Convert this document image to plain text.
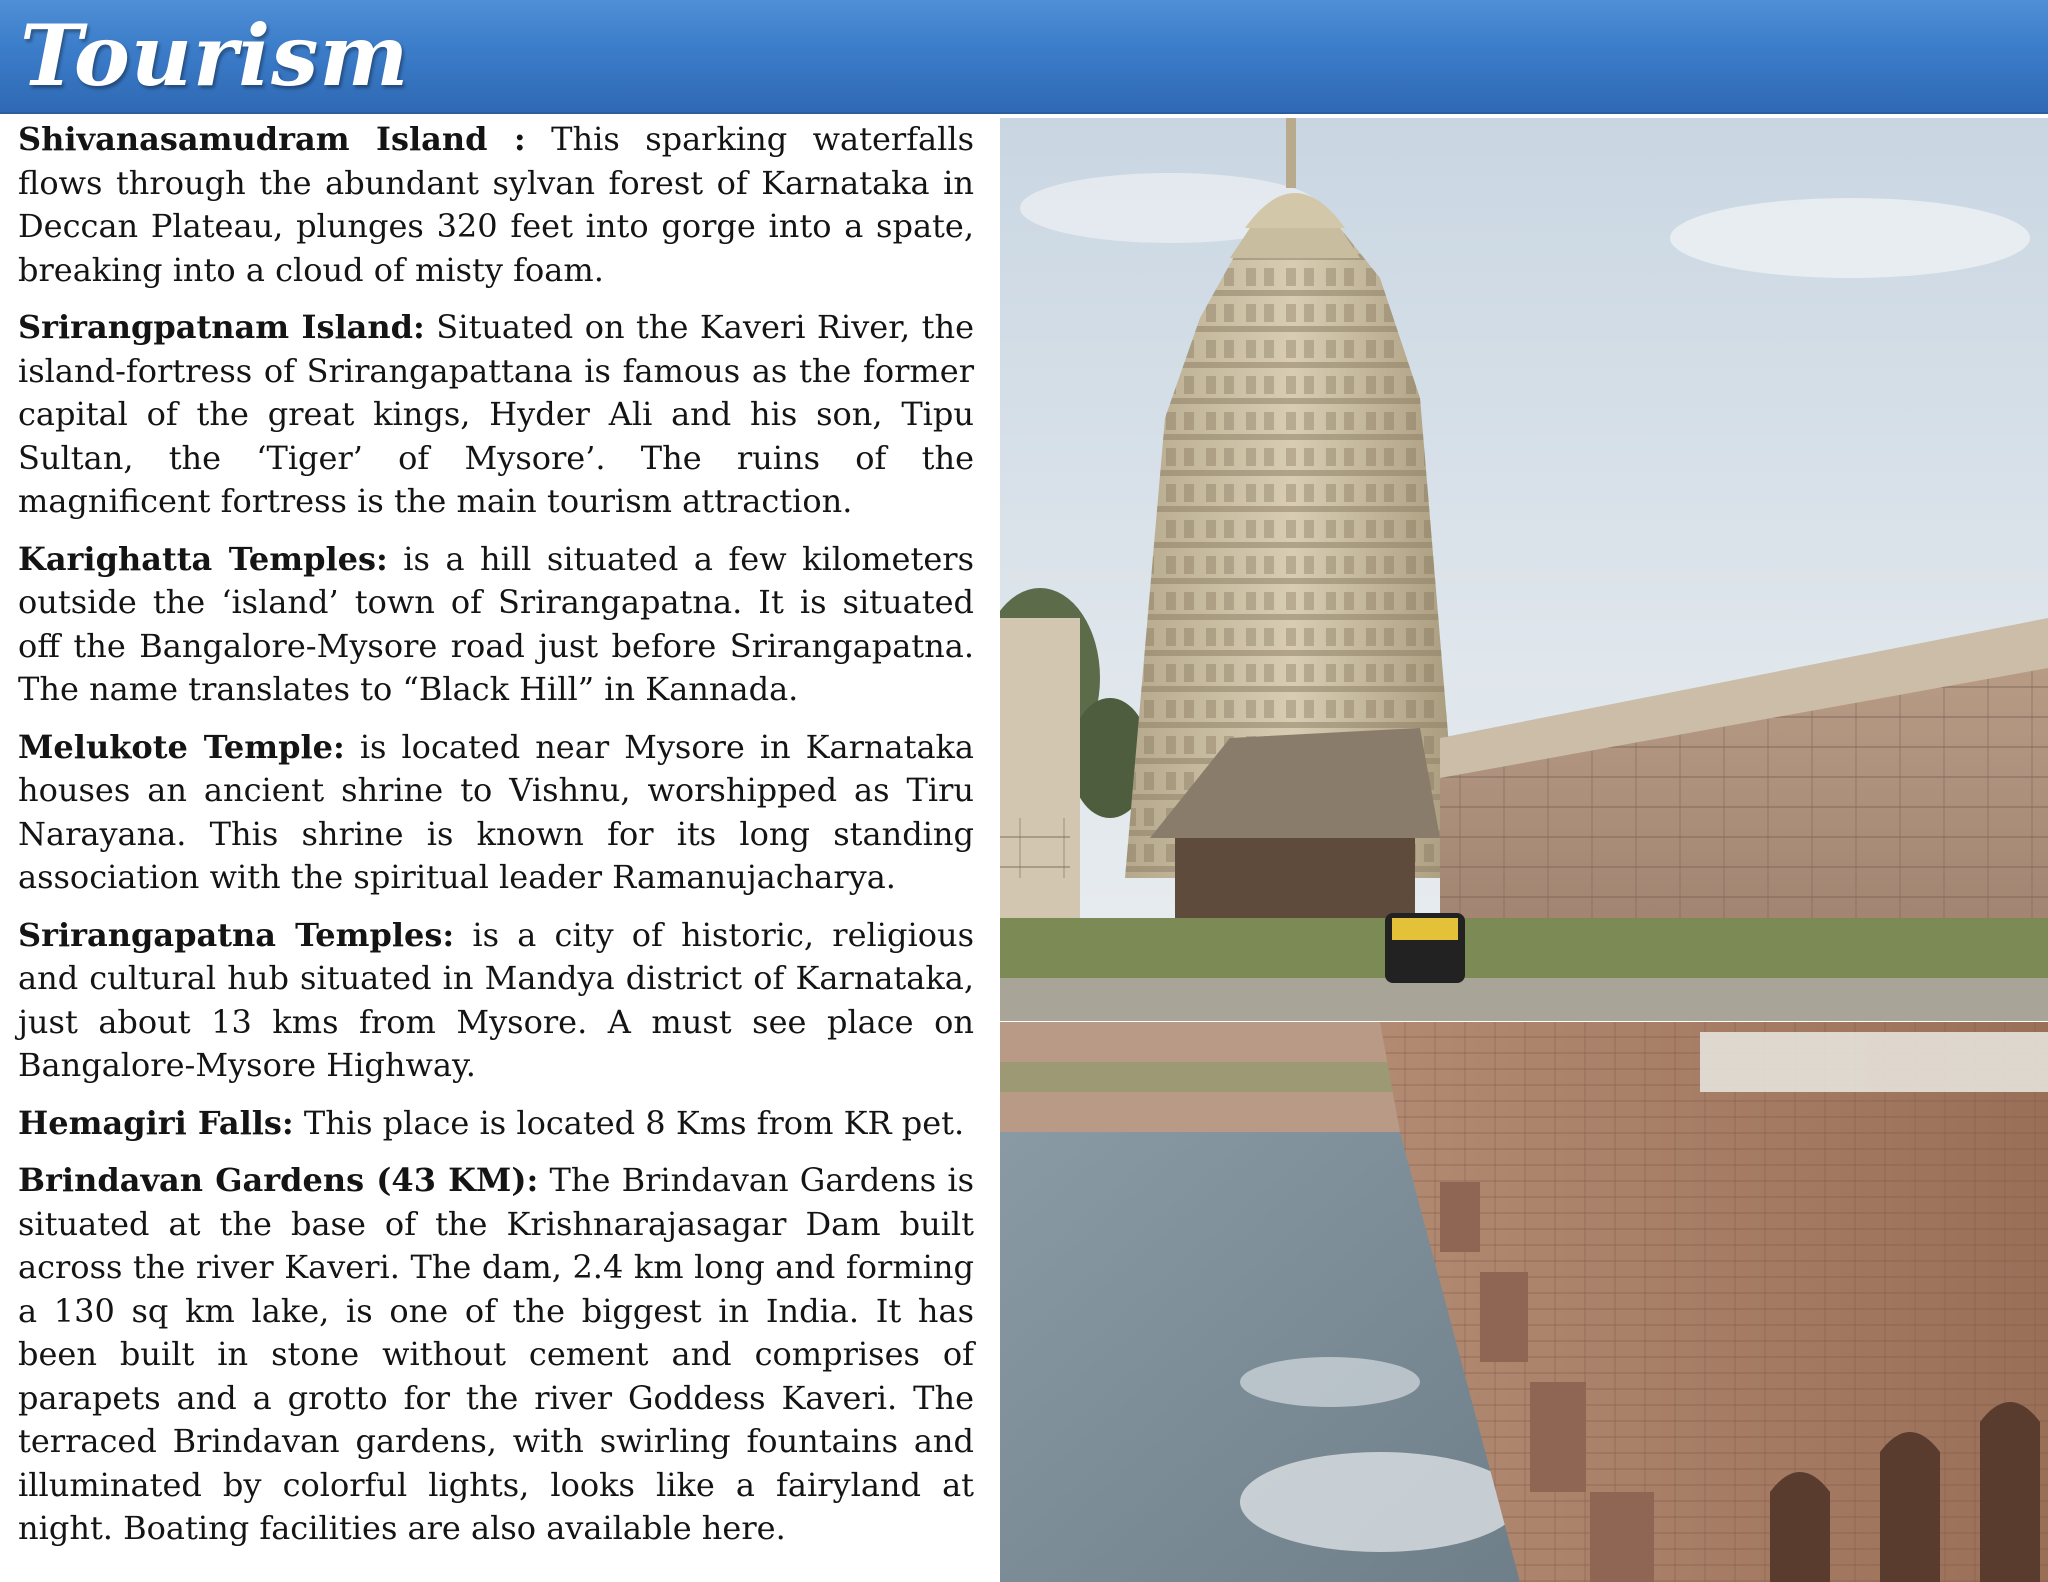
Tourism

Shivanasamudram Island : This sparking waterfalls flows through the abundant sylvan forest of Karnataka in Deccan Plateau, plunges 320 feet into gorge into a spate, breaking into a cloud of misty foam.

Srirangpatnam Island: Situated on the Kaveri River, the island-fortress of Srirangapattana is famous as the former capital of the great kings, Hyder Ali and his son, Tipu Sultan, the ‘Tiger’ of Mysore’. The ruins of the magnificent fortress is the main tourism attraction.

Karighatta Temples: is a hill situated a few kilometers outside the ‘island’ town of Srirangapatna. It is situated off the Bangalore-Mysore road just before Srirangapatna. The name translates to “Black Hill” in Kannada.

Melukote Temple: is located near Mysore in Karnataka houses an ancient shrine to Vishnu, worshipped as Tiru Narayana. This shrine is known for its long standing association with the spiritual leader Ramanujacharya.

Srirangapatna Temples: is a city of historic, religious and cultural hub situated in Mandya district of Karnataka, just about 13 kms from Mysore. A must see place on Bangalore-Mysore Highway.

Hemagiri Falls: This place is located 8 Kms from KR pet.

Brindavan Gardens (43 KM): The Brindavan Gardens is situated at the base of the Krishnarajasagar Dam built across the river Kaveri. The dam, 2.4 km long and forming a 130 sq km lake, is one of the biggest in India. It has been built in stone without cement and comprises of parapets and a grotto for the river Goddess Kaveri. The terraced Brindavan gardens, with swirling fountains and illuminated by colorful lights, looks like a fairyland at night. Boating facilities are also available here.
